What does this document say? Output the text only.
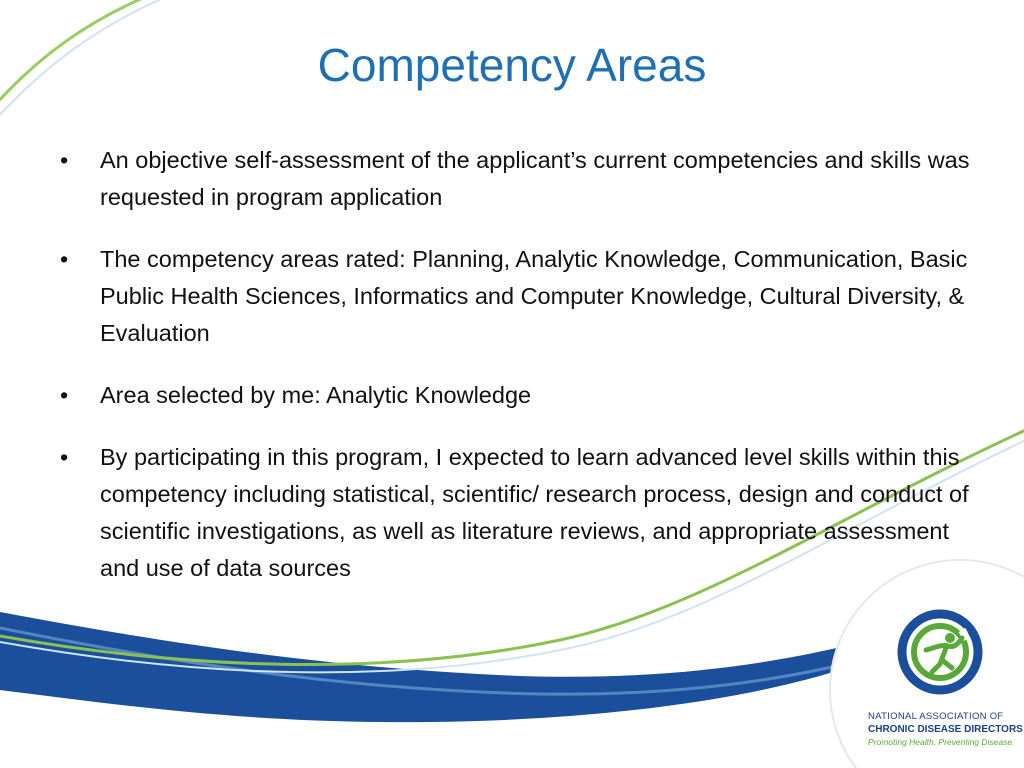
Competency Areas
•	An objective self-assessment of the applicant’s current competencies and skills was requested in program application
•	The competency areas rated: Planning, Analytic Knowledge, Communication, Basic Public Health Sciences, Informatics and Computer Knowledge, Cultural Diversity, & Evaluation
•	Area selected by me: Analytic Knowledge
•	By participating in this program, I expected to learn advanced level skills within this competency including statistical, scientific/ research process, design and conduct of scientific investigations, as well as literature reviews, and appropriate assessment and use of data sources
NATIONAL ASSOCIATION OF
CHRONIC DISEASE DIRECTORS
Promoting Health. Preventing Disease.
